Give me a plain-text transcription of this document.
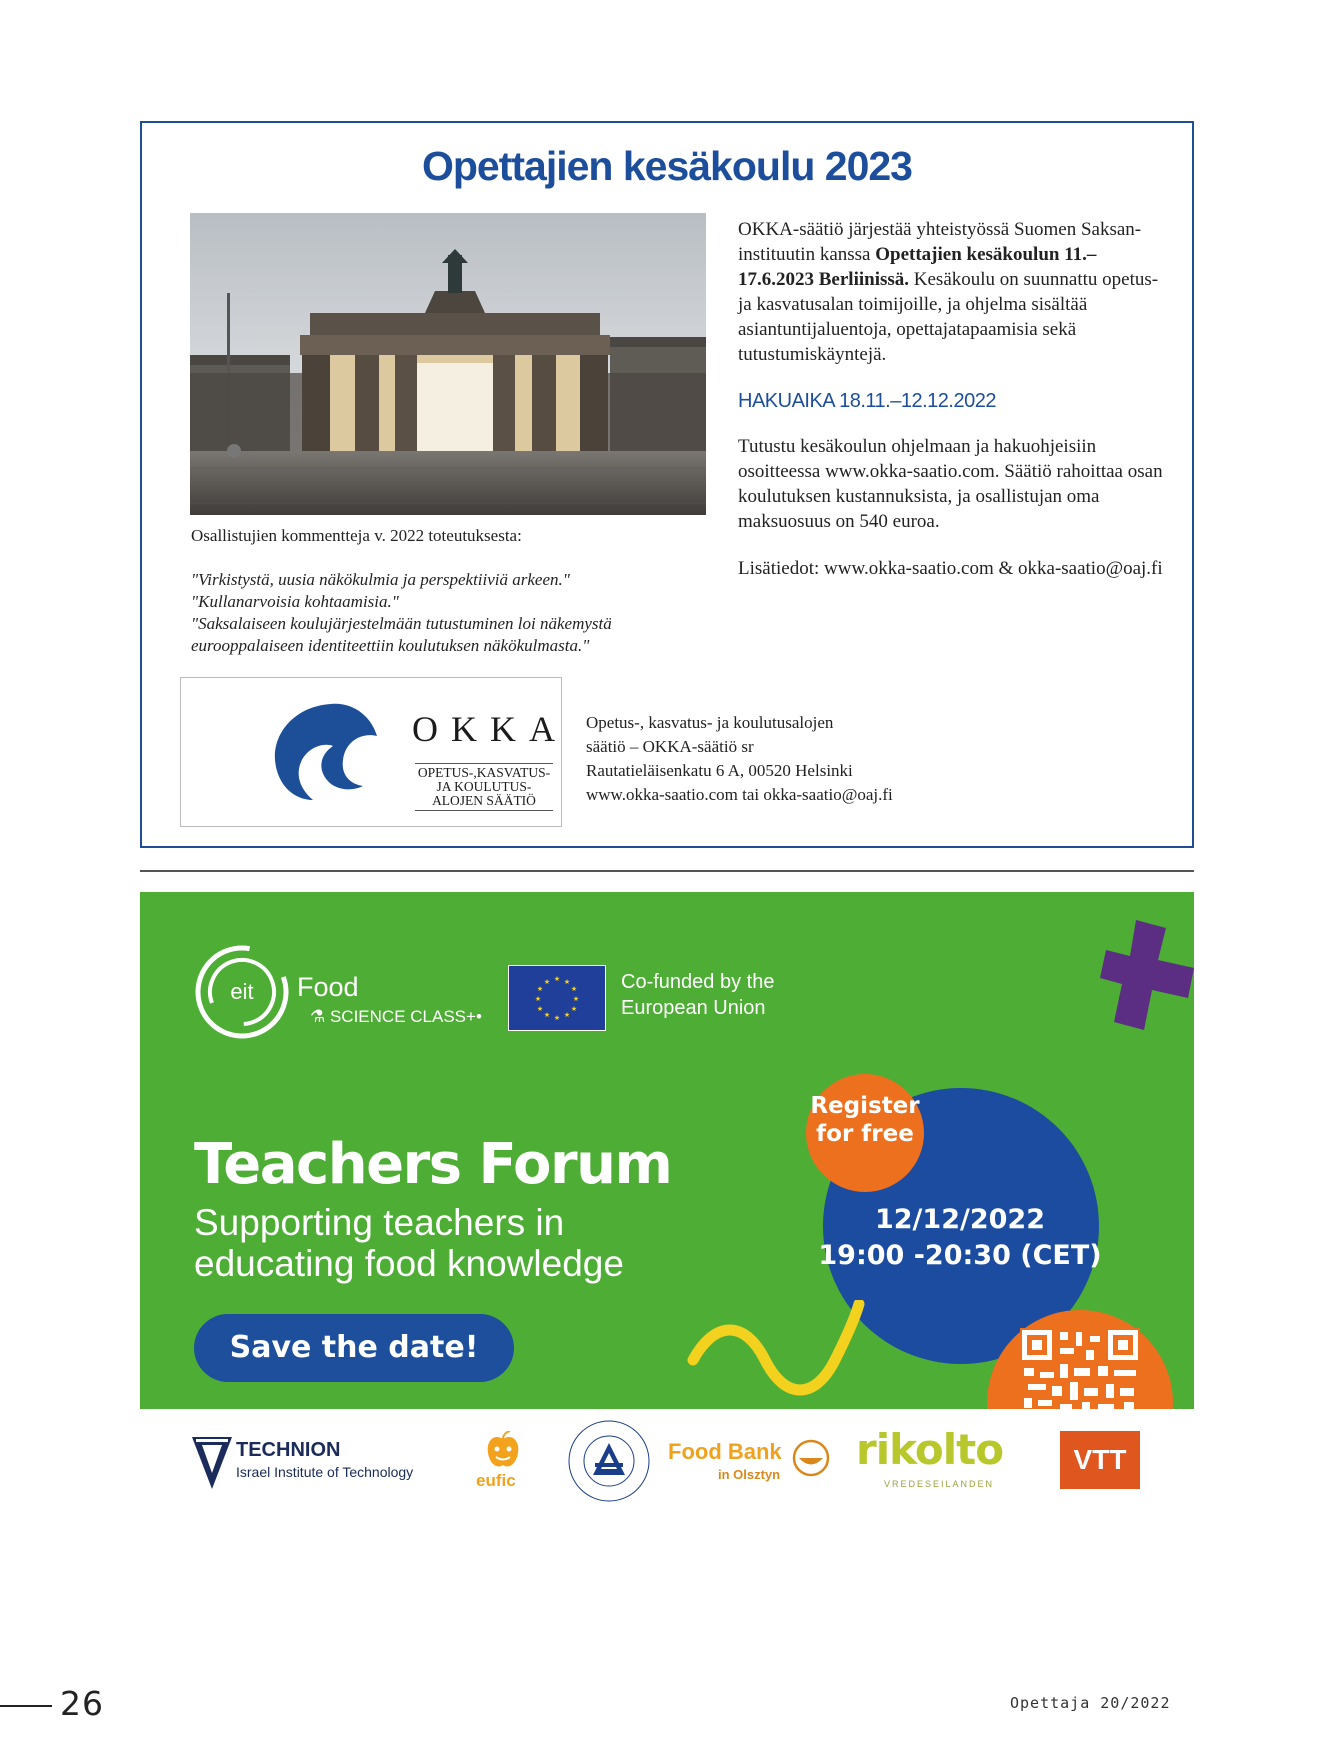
Opettajien kesäkoulu 2023

Osallistujien kommentteja v. 2022 toteutuksesta:

"Virkistystä, uusia näkökulmia ja perspektiiviä arkeen."

"Kullanarvoisia kohtaamisia."

"Saksalaiseen koulujärjestelmään tutustuminen loi näkemystä eurooppalaiseen identiteettiin koulutuksen näkökulmasta."

OKKA-säätiö järjestää yhteistyössä Suomen Saksan-instituutin kanssa Opettajien kesäkoulun 11.–17.6.2023 Berliinissä. Kesäkoulu on suunnattu opetus- ja kasvatusalan toimijoille, ja ohjelma sisältää asiantuntijaluentoja, opettajatapaamisia sekä tutustumiskäyntejä.

HAKUAIKA 18.11.–12.12.2022

Tutustu kesäkoulun ohjelmaan ja hakuohjeisiin osoitteessa www.okka-saatio.com. Säätiö rahoittaa osan koulutuksen kustannuksista, ja osallistujan oma maksuosuus on 540 euroa.

Lisätiedot: www.okka-saatio.com & okka-saatio@oaj.fi

OKKA
OPETUS-,KASVATUS-
JA KOULUTUS-
ALOJEN SÄÄTIÖ

Opetus-, kasvatus- ja koulutusalojen

säätiö – OKKA-säätiö sr

Rautatieläisenkatu 6 A, 00520 Helsinki

www.okka-saatio.com tai okka-saatio@oaj.fi

eit Food
⚗ SCIENCE CLASS+•
★ ★
★
★
★
★
★
★
★
★
★
★	Co-funded by the

European Union

Teachers Forum

Supporting teachers in

educating food knowledge

Save the date!

12/12/2022

19:00 -20:30 (CET)

Register

for free

TECHNION
Israel Institute of Technology	eufic
Food Bank
in Olsztyn
rikolto
VREDESEILANDEN
VTT
26	Opettaja 20/2022
